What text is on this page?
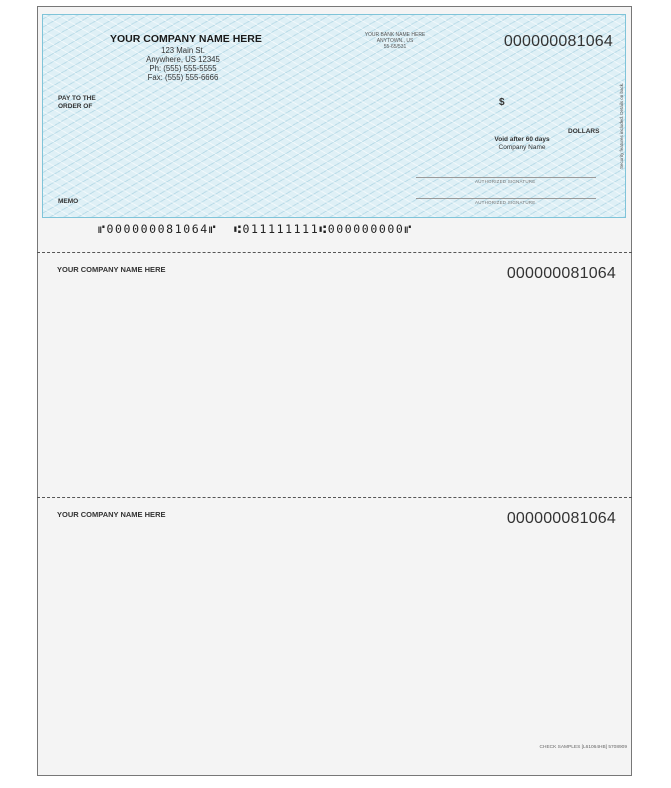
YOUR COMPANY NAME HERE
123 Main St.
Anywhere, US 12345
Ph: (555) 555-5555
Fax: (555) 555-6666
YOUR BANK NAME HERE
ANYTOWN., US
55-65/531	000000081064
PAY TO THE
ORDER OF	$
DOLLARS
Void after 60 days
Company Name
AUTHORIZED SIGNATURE
AUTHORIZED SIGNATURE
MEMO
Security features included. Details on back.
⑈000000081064⑈ ⑆011111111⑆000000000⑈
YOUR COMPANY NAME HERE	000000081064
YOUR COMPANY NAME HERE	000000081064
CHECK SAMPLES [L61064HB] 5708909
